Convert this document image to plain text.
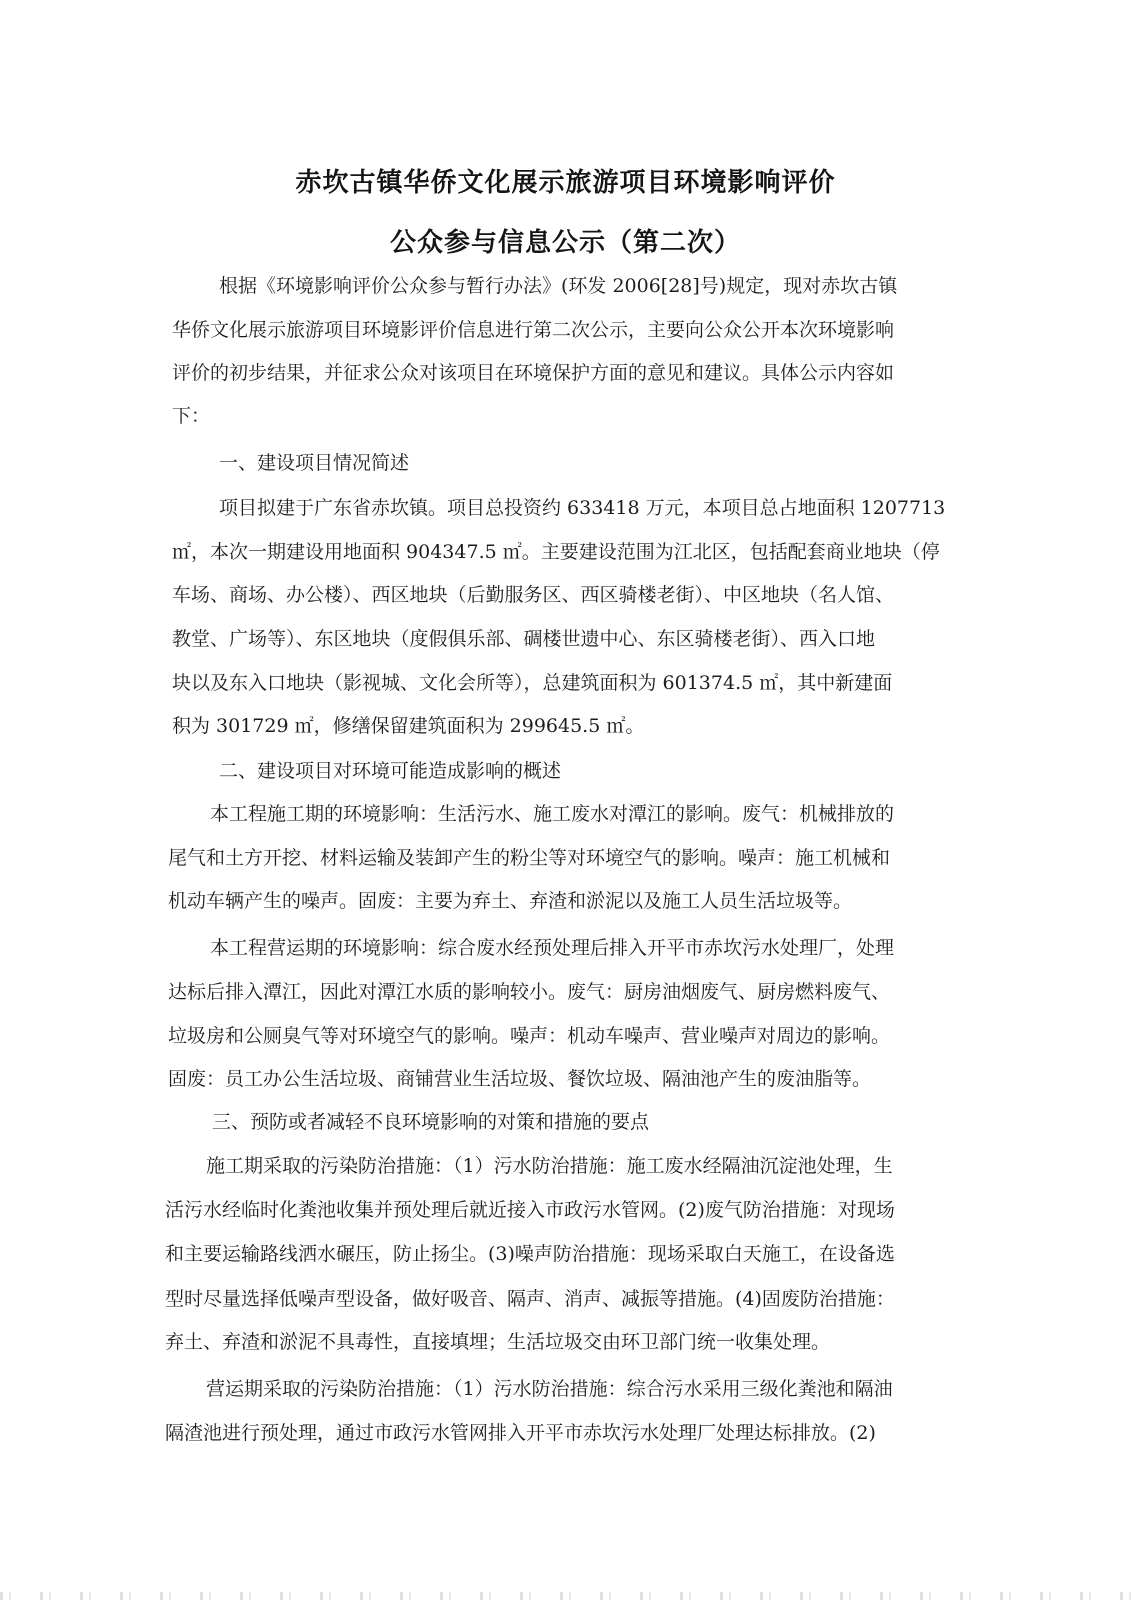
赤坎古镇华侨文化展示旅游项目环境影响评价
公众参与信息公示（第二次）
根据《环境影响评价公众参与暂行办法》(环发 2006[28]号)规定，现对赤坎古镇
华侨文化展示旅游项目环境影评价信息进行第二次公示，主要向公众公开本次环境影响
评价的初步结果，并征求公众对该项目在环境保护方面的意见和建议。具体公示内容如
下：
一、建设项目情况简述
项目拟建于广东省赤坎镇。项目总投资约 633418 万元，本项目总占地面积 1207713
㎡，本次一期建设用地面积 904347.5 ㎡。主要建设范围为江北区，包括配套商业地块（停
车场、商场、办公楼）、西区地块（后勤服务区、西区骑楼老街）、中区地块（名人馆、
教堂、广场等）、东区地块（度假俱乐部、碉楼世遗中心、东区骑楼老街）、西入口地
块以及东入口地块（影视城、文化会所等），总建筑面积为 601374.5 ㎡，其中新建面
积为 301729 ㎡，修缮保留建筑面积为 299645.5 ㎡。
二、建设项目对环境可能造成影响的概述
本工程施工期的环境影响：生活污水、施工废水对潭江的影响。废气：机械排放的
尾气和土方开挖、材料运输及装卸产生的粉尘等对环境空气的影响。噪声：施工机械和
机动车辆产生的噪声。固废：主要为弃土、弃渣和淤泥以及施工人员生活垃圾等。
本工程营运期的环境影响：综合废水经预处理后排入开平市赤坎污水处理厂，处理
达标后排入潭江，因此对潭江水质的影响较小。废气：厨房油烟废气、厨房燃料废气、
垃圾房和公厕臭气等对环境空气的影响。噪声：机动车噪声、营业噪声对周边的影响。
固废：员工办公生活垃圾、商铺营业生活垃圾、餐饮垃圾、隔油池产生的废油脂等。
三、预防或者减轻不良环境影响的对策和措施的要点
施工期采取的污染防治措施：（1）污水防治措施：施工废水经隔油沉淀池处理，生
活污水经临时化粪池收集并预处理后就近接入市政污水管网。(2)废气防治措施：对现场
和主要运输路线洒水碾压，防止扬尘。(3)噪声防治措施：现场采取白天施工，在设备选
型时尽量选择低噪声型设备，做好吸音、隔声、消声、减振等措施。(4)固废防治措施：
弃土、弃渣和淤泥不具毒性，直接填埋；生活垃圾交由环卫部门统一收集处理。
营运期采取的污染防治措施：（1）污水防治措施：综合污水采用三级化粪池和隔油
隔渣池进行预处理，通过市政污水管网排入开平市赤坎污水处理厂处理达标排放。(2)
